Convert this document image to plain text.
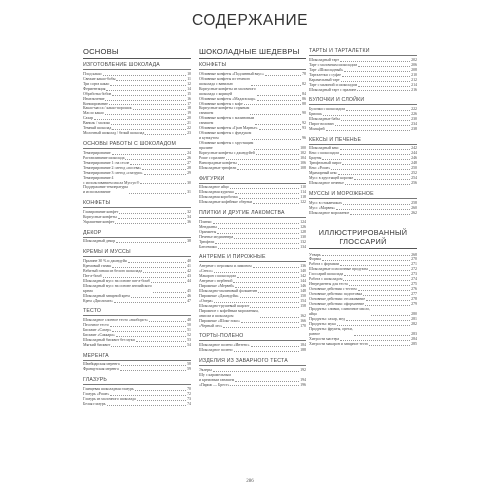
СОДЕРЖАНИЕ
ОСНОВЫ
ИЗГОТОВЛЕНИЕ ШОКОЛАДА
Плод какао	10
Свежие какао-бобы	11
Три сорта какао	12
Ферментация	14
Обработка бобов	15
Измельчение	16
Конширование	17
Какао-масса / какао-порошок	18
Масло какао	19
Сахар	20
Ваниль / молоко	21
Темный шоколад	22
Молочный шоколад / белый шоколад	23
ОСНОВЫ РАБОТЫ С ШОКОЛАДОМ
Темперирование	24
Растапливание шоколада	26
Темперирование 1: на столе	27
Темперирование 2: метод «посева»	28
Темперирование 3: метод «глазури»	29
Темперирование 4
с использованием масла Mycryo®	30
Поддержание температуры
и использование	31
КОНФЕТЫ
Глазирование конфет	32
Корпусные конфеты	34
Украшение конфет	36
ДЕКОР
Шоколадный декор	38
КРЕМЫ И МУССЫ
Пралине 30 % и джандуйя	40
Кремовый ганаш	41
Взбитый ганаш из белого шоколада	42
Пат-а-бомб	43
Шоколадный мусс на основе пат-а-бомб	44
Шоколадный мусс на основе английского
крема	45
Шоколадный заварной крем	46
Крем «Дипломат»	47
ТЕСТО
Шоколадное слоеное тесто «наоборот»	48
Песочное тесто	50
Бисквит «Сахер»	51
Бисквит «Саккара»	52
Шоколадный бисквит без муки	53
Мягкий бисквит	54
МЕРЕНГА
Швейцарская меренга	58
Французская меренга	59
ГЛАЗУРЬ
Глянцевая шоколадная глазурь	70
Глазурь «Роше»	72
Глазурь из молочного шоколада	73
Белая глазурь	74
ШОКОЛАДНЫЕ ШЕДЕВРЫ
КОНФЕТЫ
Обливные конфеты «Подлинный вкус»	78
Обливные конфеты из темного
шоколада с ванилью	82
Корпусные конфеты из молочного
шоколада с корицей	84
Обливные конфеты «Мадагаскар»	86
Обливные конфеты с кофе	88
Корпусные конфеты с пряным
ганашем	90
Обливные конфеты с малиновым
ганашем	92
Обливные конфеты «Гран Марнье»	93
Обливные конфеты с фундуком
и кунжутом	96
Обливные конфеты с хрустящим
пралине	100
Корпусные конфеты с джандуйей	102
Роше с пралине	104
Виноградные конфеты	106
Шоколадные трюфели	108
ФИГУРКИ
Шоколадное яйцо	110
Шоколадная курочка	114
Шоколадная коробочка	118
Шоколадные кофейные обертки	122
ПЛИТКИ И ДРУГИЕ ЛАКОМСТВА
Плитки	124
Мендианы	126
Оранжеты	128
Печенье медианнера	130
Трюфели	132
Батончики	134
АНТРЕМЕ И ПИРОЖНЫЕ
Антреме с персиком и лимоном	136
«Сенсо»	140
Макарон с шоколадом	142
Антреме с вербеной	144
Пирожные «Мервей»	146
Шоколадно-малиновый фольянтин	148
Пирожные «Джандуйя»	150
«Опера»	154
Шоколадно-грушевый шарлот	158
Пирожное с кофейным мороженым,
анисом и шоколадом	162
Пирожные «Шоко-локо»	166
«Черный лес»	170
ТОРТЫ-ПОЛЕНО
Шоколадное полено «Интенс»	184
Шоколадное полено	188
ИЗДЕЛИЯ ИЗ ЗАВАРНОГО ТЕСТА
Эклеры	192
Шу с карамельным
и кремовым ганашем	194
«Париж — Брест»	196
ТАРТЫ И ТАРТАЛЕТКИ
Шоколадный тарт	202
Тарт с молочным шоколадом	206
Тарт «Шоколадный»	208
Тарталетки с суфле	210
Карамельный тарт	212
Тарт с малиной и шоколадом	214
Шоколадный тарт с пралине	216
БУЛОЧКИ И СЛОЙКИ
Булочки с шоколадом	222
Бриошь	226
Шоколадные бабы	230
Пирог волован	234
Мильфей	238
КЕКСЫ И ПЕЧЕНЬЕ
Шоколадный кекс	242
Кекс с шоколадом	244
Брауны	246
Трюфельный пирог	248
Кекс «Роше»	250
Мраморный кекс	252
Мусс в хрустящей корочке	254
Шоколадное печенье	256
МУССЫ И МОРОЖЕНОЕ
Мусс в стаканчиках	258
Мусс «Марвея»	260
Шоколадное мороженое	262
ИЛЛЮСТРИРОВАННЫЙ
ГЛОССАРИЙ
Утварь	268
Формы	270
Работа с формами	271
Шоколадные и молочные продукты	272
Глоссарий шоколада	273
Работа с шоколадом	274
Ингредиенты для теста	275
Основные действия с тестом	276
Основные действия: подготовка	277
Основные действия: отсаживание	278
Основные действия: оформление	279
Продукты: сливки, сливочное масло,
яйца	280
Продукты: сахар, мед	281
Продукты: мука	282
Продукты: фрукты, орехи,
разное	283
Хитрости мастера	284
Хитрости макарон и заварное тесто	285
286
